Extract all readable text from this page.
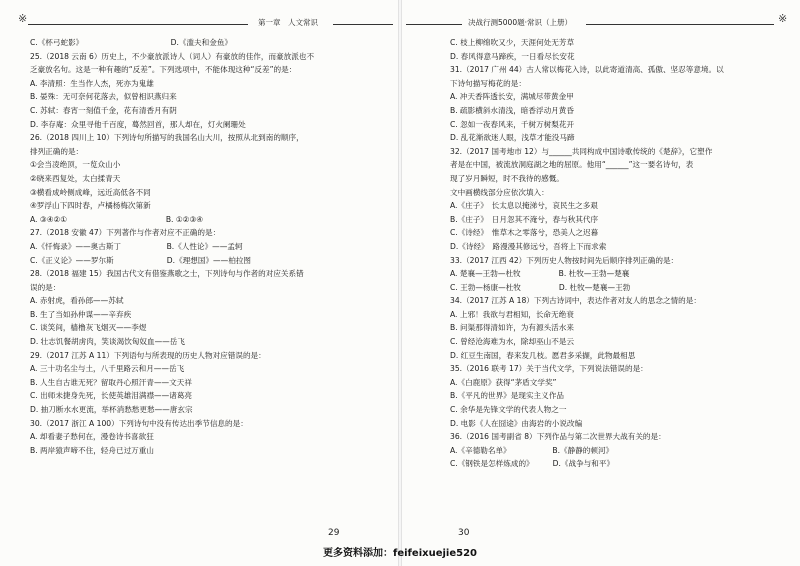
※	第一章　人文常识
C.《杯弓蛇影》　　　　　　　　　　　　D.《滥夫和金鱼》
25.（2018 云南 6）历史上，不少豪放派诗人（词人）有豪放的佳作，而豪放派也不
乏豪放名句。这是一种有趣的“反差”。下列选项中，不能体现这种“反差”的是：
A. 李清照：生当作人杰，死亦为鬼雄
B. 晏殊：无可奈何花落去，似曾相识燕归来
C. 苏轼：春宵一刻值千金，花有清香月有阴
D. 李存庵：众里寻他千百度，蓦然回首，那人却在，灯火阑珊处
26.（2018 四川上 10）下列诗句所描写的我国名山大川，按照从北到南的顺序，
排列正确的是：
①会当凌绝顶，一览众山小
②晓来西复处，太白揉青天
③横看成岭侧成峰，远近高低各不同
④罗浮山下四时春，卢橘杨梅次第新
A. ③④②①　　　　　　　　　　　　　B. ①②③④
27.（2018 安徽 47）下列著作与作者对应不正确的是：
A.《忏悔录》——奥古斯丁　　　　　　B.《人性论》——孟轲
C.《正义论》——罗尔斯　　　　　　　D.《理想国》——柏拉图
28.（2018 福建 15）我国古代文有借鉴燕歌之士，下列诗句与作者的对应关系错
误的是：
A. 赤射虎，看孙郎——苏轼
B. 生了当如孙仲谋——辛弃疾
C. 谈笑间，樯橹灰飞烟灭——李煜
D. 壮志饥餐胡虏肉，笑谈渴饮匈奴血——岳飞
29.（2017 江苏 A 11）下列语句与所表现的历史人物对应错误的是：
A. 三十功名尘与土，八千里路云和月——岳飞
B. 人生自古谁无死？留取丹心照汗青——文天祥
C. 出师未捷身先死，长使英雄泪满襟——诸葛亮
D. 抽刀断水水更流，举杯消愁愁更愁——唐玄宗
30.（2017 浙江 A 100）下列诗句中没有传达出季节信息的是：
A. 却看妻子愁何在，漫卷诗书喜欲狂
B. 两岸猿声啼不住，轻舟已过万重山
29
决战行测5000题·常识（上册）	※
C. 枝上柳绵吹又少，天涯何处无芳草
D. 春风得意马蹄疾，一日看尽长安花
31.（2017 广州 44）古人常以梅花入诗，以此寄道清高、孤傲、坚忍等意境。以
下诗句描写梅花的是：
A. 冲天香阵透长安，满城尽带黄金甲
B. 疏影横斜水清浅，暗香浮动月黄昏
C. 忽如一夜春风来，千树万树梨花开
D. 乱花渐欲迷人眼，浅草才能没马蹄
32.（2017 国考地市 12）与______共同构成中国诗歌传统的《楚辞》，它塑作
者是在中国，被流放洞庭湖之地的屈原。他用“______”这一要名诗句，表
现了岁月瞬短，时不我待的感慨。
文中画横线部分应依次填入：
A.《庄子》　长太息以掩涕兮，哀民生之多艰
B.《庄子》　日月忽其不淹兮，春与秋其代序
C.《诗经》　惟草木之零落兮，恐美人之迟暮
D.《诗经》　路漫漫其修远兮，吾将上下而求索
33.（2017 江西 42）下列历史人物按时间先后顺序排列正确的是：
A. 楚襄—王勃—杜牧　　　　　B. 杜牧—王勃—楚襄
C. 王勃—杨康—杜牧　　　　　D. 杜牧—楚襄—王勃
34.（2017 江苏 A 18）下列古诗词中，表达作者对友人的思念之情的是：
A. 上邪！我欲与君相知，长命无绝衰
B. 问渠那得清如许，为有源头活水来
C. 曾经沧海难为水，除却巫山不是云
D. 红豆生南国，春来发几枝。愿君多采撷，此物最相思
35.（2016 联考 17）关于当代文学，下列说法错误的是：
A.《白鹿原》获得“茅盾文学奖”
B.《平凡的世界》是现实主义作品
C. 余华是先锋文学的代表人物之一
D. 电影《人在囧途》由海岩的小说改编
36.（2016 国考副省 8）下列作品与第二次世界大战有关的是：
A.《辛德勒名单》　　　　　　B.《静静的顿河》
C.《钢铁是怎样炼成的》　　　D.《战争与和平》
30
更多资料添加：feifeixuejie520
